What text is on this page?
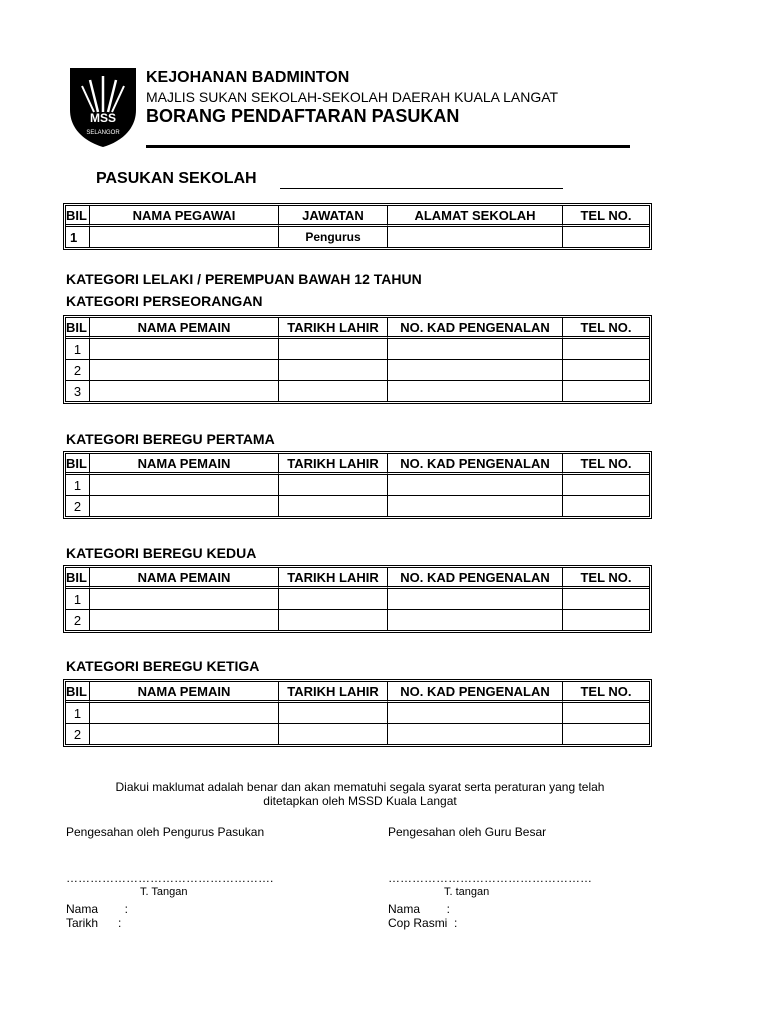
MSS
SELANGOR
KEJOHANAN BADMINTON
MAJLIS SUKAN SEKOLAH-SEKOLAH DAERAH KUALA LANGAT
BORANG PENDAFTARAN PASUKAN
PASUKAN SEKOLAH
BIL	NAMA PEGAWAI	JAWATAN	ALAMAT SEKOLAH	TEL NO.
1		Pengurus		
KATEGORI LELAKI / PEREMPUAN BAWAH 12 TAHUN
KATEGORI PERSEORANGAN
BIL	NAMA PEMAIN	TARIKH LAHIR	NO. KAD PENGENALAN	TEL NO.
1				
2				
3				
KATEGORI BEREGU PERTAMA
BIL	NAMA PEMAIN	TARIKH LAHIR	NO. KAD PENGENALAN	TEL NO.
1				
2				
KATEGORI BEREGU KEDUA
BIL	NAMA PEMAIN	TARIKH LAHIR	NO. KAD PENGENALAN	TEL NO.
1				
2				
KATEGORI BEREGU KETIGA
BIL	NAMA PEMAIN	TARIKH LAHIR	NO. KAD PENGENALAN	TEL NO.
1				
2				
Diakui maklumat adalah benar dan akan mematuhi segala syarat serta peraturan yang telah
ditetapkan oleh MSSD Kuala Langat
Pengesahan oleh Pengurus Pasukan	Pengesahan oleh Guru Besar
…………………………………………….	……………………………………………
T. Tangan	T. tangan
Nama        :
Tarikh      :
Nama        :
Cop Rasmi  :
